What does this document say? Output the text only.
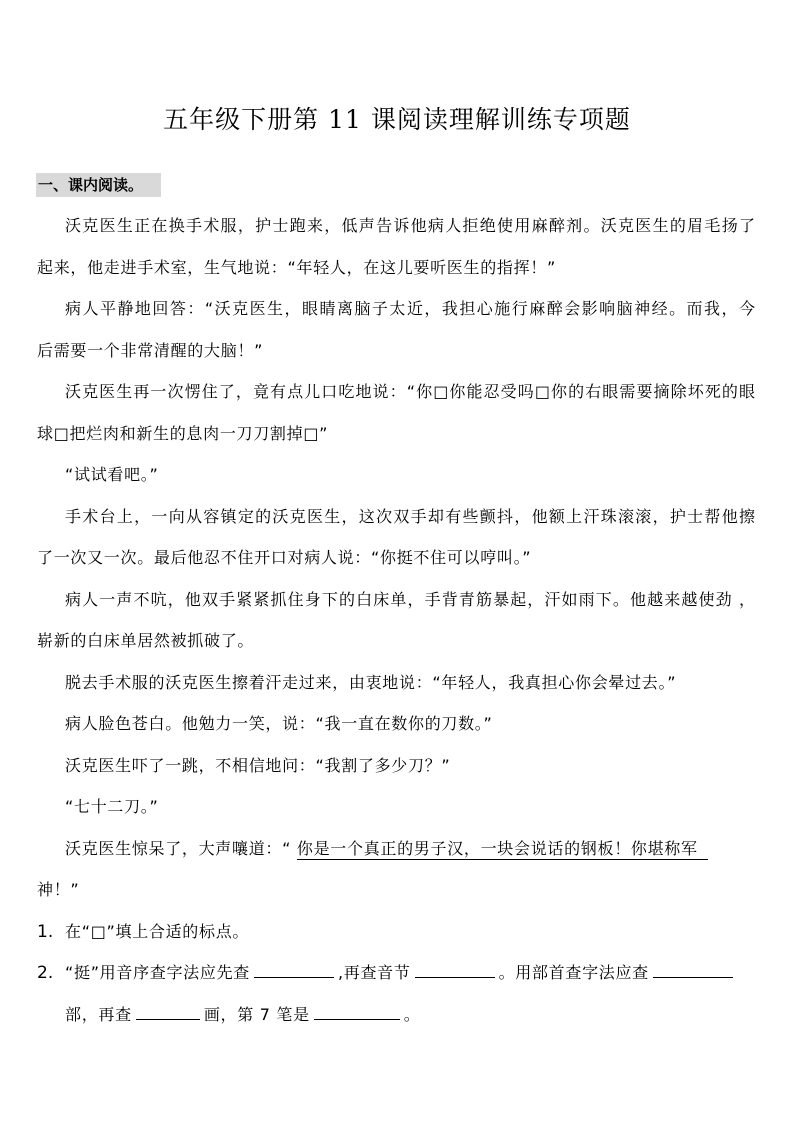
五年级下册第 11 课阅读理解训练专项题
一、课内阅读。
沃克医生正在换手术服，护士跑来，低声告诉他病人拒绝使用麻醉剂。沃克医生的眉毛扬了
起来，他走进手术室，生气地说：“年轻人，在这儿要听医生的指挥！”
病人平静地回答：“沃克医生，眼睛离脑子太近，我担心施行麻醉会影响脑神经。而我，今
后需要一个非常清醒的大脑！”
沃克医生再一次愣住了，竟有点儿口吃地说：“你□你能忍受吗□你的右眼需要摘除坏死的眼
球□把烂肉和新生的息肉一刀刀割掉□”
“试试看吧。”
手术台上，一向从容镇定的沃克医生，这次双手却有些颤抖，他额上汗珠滚滚，护士帮他擦
了一次又一次。最后他忍不住开口对病人说：“你挺不住可以哼叫。”
病人一声不吭，他双手紧紧抓住身下的白床单，手背青筋暴起，汗如雨下。他越来越使劲 ，
崭新的白床单居然被抓破了。
脱去手术服的沃克医生擦着汗走过来，由衷地说：“年轻人，我真担心你会晕过去。”
病人脸色苍白。他勉力一笑，说：“我一直在数你的刀数。”
沃克医生吓了一跳，不相信地问：“我割了多少刀？”
“七十二刀。”
沃克医生惊呆了，大声嚷道：“ 你是一个真正的男子汉，一块会说话的钢板！你堪称军
神！”
1. 在“□”填上合适的标点。
2. “挺”用音序查字法应先查	,再查音节	。用部首查字法应查
部，再查	画，第 7 笔是	。
